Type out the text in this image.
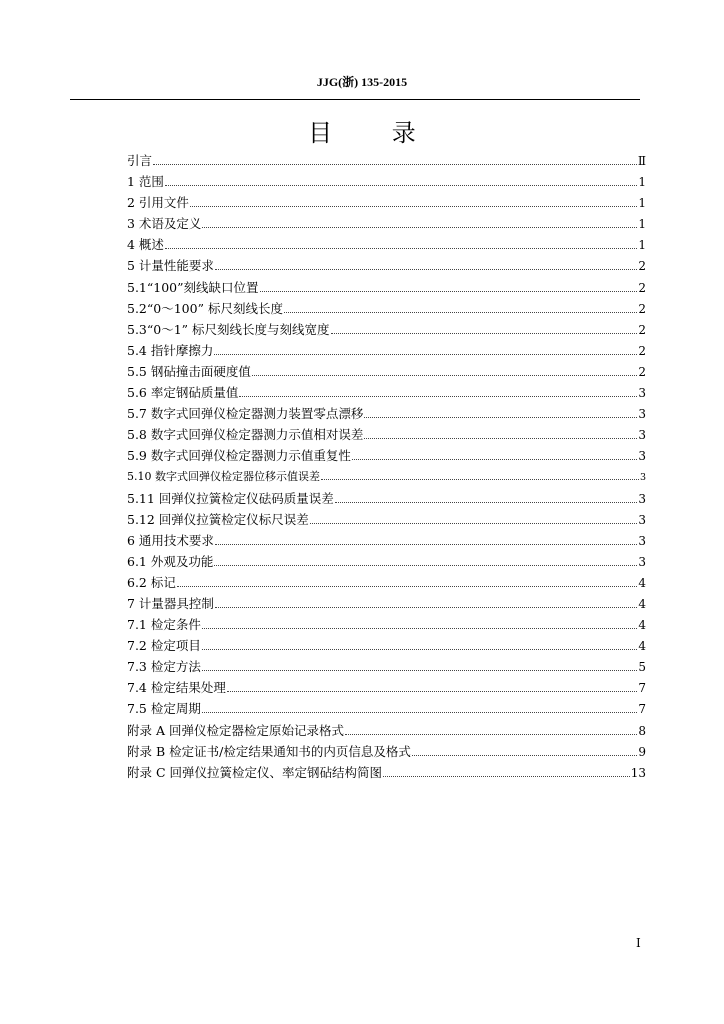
JJG(浙) 135-2015
目 录
引言	Ⅱ
1 范围	1
2 引用文件	1
3 术语及定义	1
4 概述	1
5 计量性能要求	2
5.1“100”刻线缺口位置	2
5.2“0～100” 标尺刻线长度	2
5.3“0～1” 标尺刻线长度与刻线宽度	2
5.4 指针摩擦力	2
5.5 钢砧撞击面硬度值	2
5.6 率定钢砧质量值	3
5.7 数字式回弹仪检定器测力装置零点漂移	3
5.8 数字式回弹仪检定器测力示值相对误差	3
5.9 数字式回弹仪检定器测力示值重复性	3
5.10 数字式回弹仪检定器位移示值误差	3
5.11 回弹仪拉簧检定仪砝码质量误差	3
5.12 回弹仪拉簧检定仪标尺误差	3
6 通用技术要求	3
6.1 外观及功能	3
6.2 标记	4
7 计量器具控制	4
7.1 检定条件	4
7.2 检定项目	4
7.3 检定方法	5
7.4 检定结果处理	7
7.5 检定周期	7
附录 A 回弹仪检定器检定原始记录格式	8
附录 B 检定证书/检定结果通知书的内页信息及格式	9
附录 C 回弹仪拉簧检定仪、率定钢砧结构简图	13
I
